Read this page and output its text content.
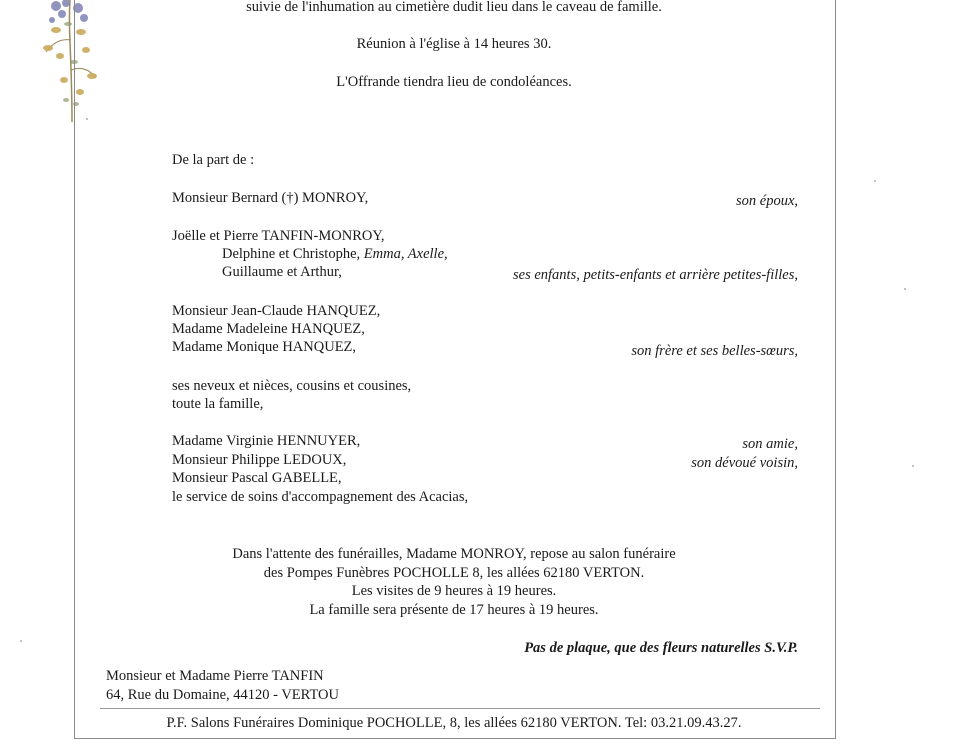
suivie de l'inhumation au cimetière dudit lieu dans le caveau de famille.
Réunion à l'église à 14 heures 30.
L'Offrande tiendra lieu de condoléances.
De la part de :
Monsieur Bernard (†) MONROY,	son époux,
Joëlle et Pierre TANFIN-MONROY,
Delphine et Christophe, Emma, Axelle,
Guillaume et Arthur,	ses enfants, petits-enfants et arrière petites-filles,
Monsieur Jean-Claude HANQUEZ,
Madame Madeleine HANQUEZ,
Madame Monique HANQUEZ,	son frère et ses belles-sœurs,
ses neveux et nièces, cousins et cousines,
toute la famille,
Madame Virginie HENNUYER,	son amie,
Monsieur Philippe LEDOUX,	son dévoué voisin,
Monsieur Pascal GABELLE,
le service de soins d'accompagnement des Acacias,
Dans l'attente des funérailles, Madame MONROY, repose au salon funéraire
des Pompes Funèbres POCHOLLE 8, les allées 62180 VERTON.
Les visites de 9 heures à 19 heures.
La famille sera présente de 17 heures à 19 heures.
Pas de plaque, que des fleurs naturelles S.V.P.
Monsieur et Madame Pierre TANFIN
64, Rue du Domaine, 44120 - VERTOU
P.F. Salons Funéraires Dominique POCHOLLE, 8, les allées 62180 VERTON. Tel: 03.21.09.43.27.
